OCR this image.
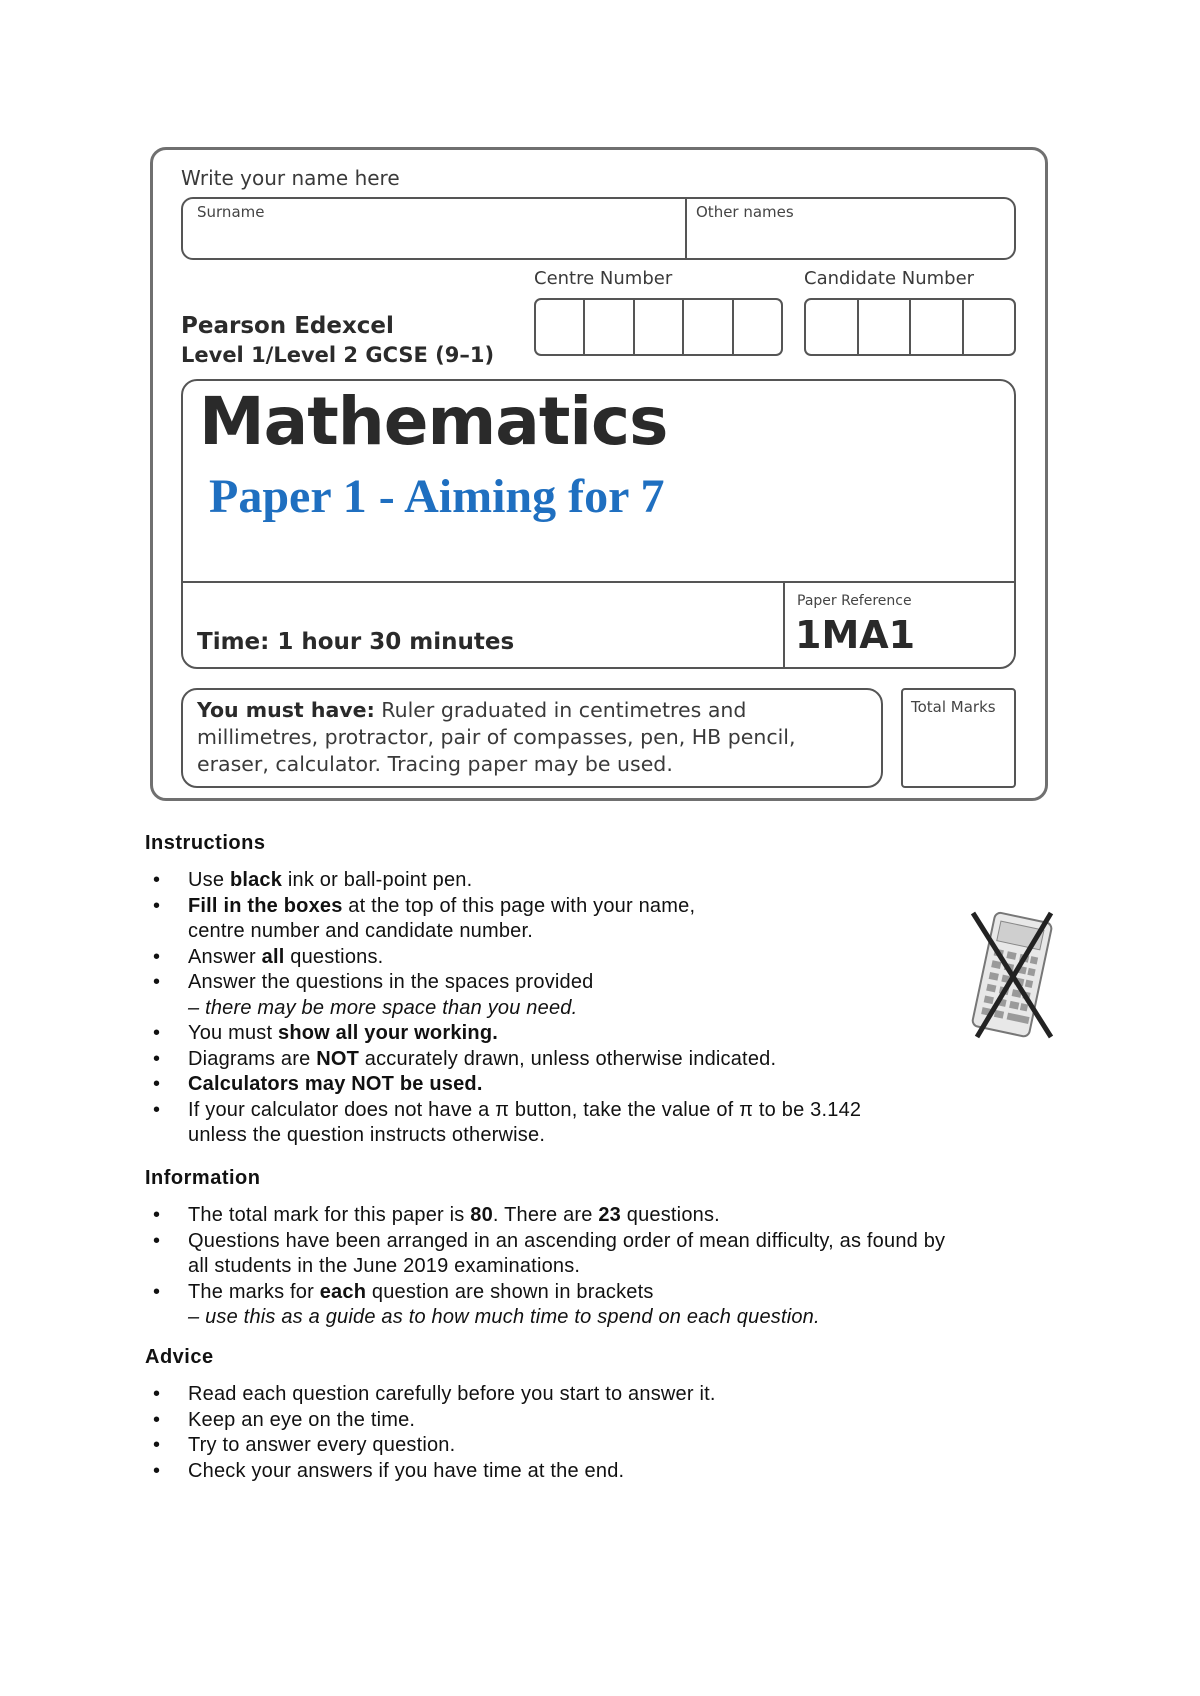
Write your name here
Surname	Other names
Centre Number	Candidate Number
Pearson Edexcel
Level 1/Level 2 GCSE (9–1)
Mathematics
Paper 1 - Aiming for 7
Time: 1 hour 30 minutes
Paper Reference
1MA1
You must have: Ruler graduated in centimetres and millimetres, protractor, pair of compasses, pen, HB pencil, eraser, calculator. Tracing paper may be used.
Total Marks
Instructions
• Use black ink or ball-point pen.
• Fill in the boxes at the top of this page with your name,
centre number and candidate number.
• Answer all questions.
• Answer the questions in the spaces provided
– there may be more space than you need.
• You must show all your working.
• Diagrams are NOT accurately drawn, unless otherwise indicated.
• Calculators may NOT be used.
• If your calculator does not have a π button, take the value of π to be 3.142
unless the question instructs otherwise.
Information
• The total mark for this paper is 80. There are 23 questions.
• Questions have been arranged in an ascending order of mean difficulty, as found by
all students in the June 2019 examinations.
• The marks for each question are shown in brackets
– use this as a guide as to how much time to spend on each question.
Advice
• Read each question carefully before you start to answer it.
• Keep an eye on the time.
• Try to answer every question.
• Check your answers if you have time at the end.
